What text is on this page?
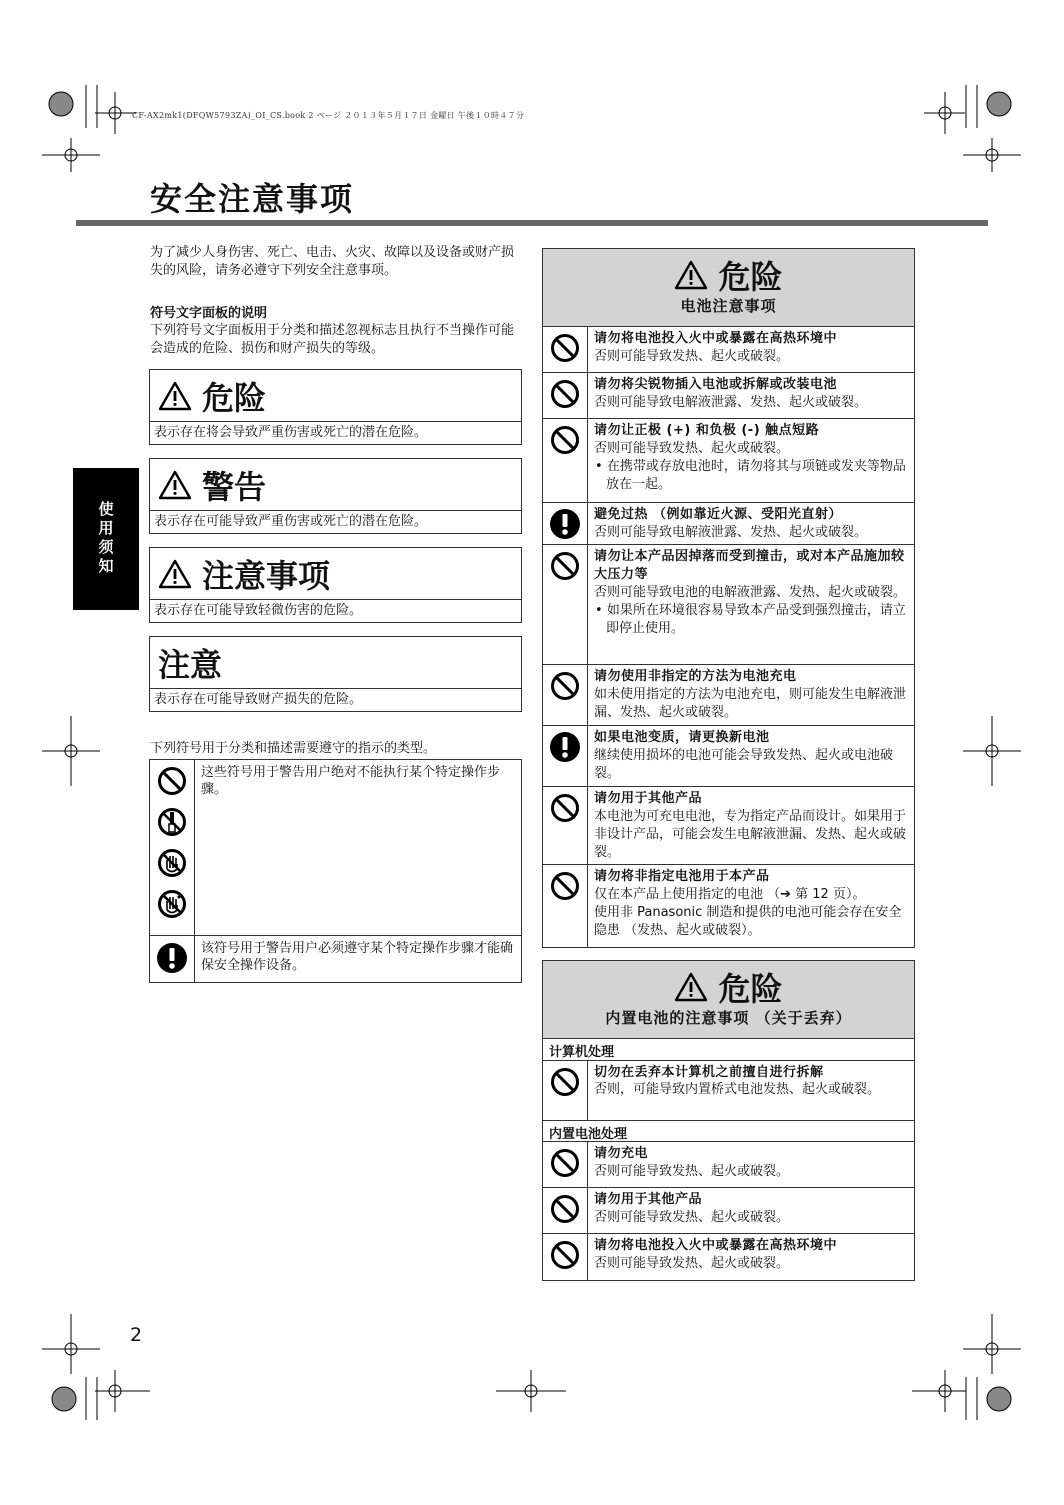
CF-AX2mk1(DFQW5793ZA)_OI_CS.book 2 ページ ２０１３年５月１７日 金曜日 午後１０時４７分
安全注意事项
使用须知

为了减少人身伤害、死亡、电击、火灾、故障以及设备或财产损失的风险，请务必遵守下列安全注意事项。

符号文字面板的说明

下列符号文字面板用于分类和描述忽视标志且执行不当操作可能会造成的危险、损伤和财产损失的等级。

危险
表示存在将会导致严重伤害或死亡的潜在危险。
警告
表示存在可能导致严重伤害或死亡的潜在危险。
注意事项
表示存在可能导致轻微伤害的危险。
注意
表示存在可能导致财产损失的危险。
下列符号用于分类和描述需要遵守的指示的类型。
这些符号用于警告用户绝对不能执行某个特定操作步骤。
该符号用于警告用户必须遵守某个特定操作步骤才能确保安全操作设备。
危险
电池注意事项
请勿将电池投入火中或暴露在高热环境中
否则可能导致发热、起火或破裂。
请勿将尖锐物插入电池或拆解或改装电池
否则可能导致电解液泄露、发热、起火或破裂。
请勿让正极 (+) 和负极 (-) 触点短路
否则可能导致发热、起火或破裂。
• 在携带或存放电池时，请勿将其与项链或发夹等物品放在一起。
避免过热 （例如靠近火源、受阳光直射）
否则可能导致电解液泄露、发热、起火或破裂。
请勿让本产品因掉落而受到撞击，或对本产品施加较大压力等
否则可能导致电池的电解液泄露、发热、起火或破裂。
• 如果所在环境很容易导致本产品受到强烈撞击，请立即停止使用。
请勿使用非指定的方法为电池充电
如未使用指定的方法为电池充电，则可能发生电解液泄漏、发热、起火或破裂。
如果电池变质，请更换新电池
继续使用损坏的电池可能会导致发热、起火或电池破裂。
请勿用于其他产品
本电池为可充电电池，专为指定产品而设计。如果用于非设计产品，可能会发生电解液泄漏、发热、起火或破裂。
请勿将非指定电池用于本产品
仅在本产品上使用指定的电池 （➔ 第 12 页）。
使用非 Panasonic 制造和提供的电池可能会存在安全隐患 （发热、起火或破裂）。
危险
内置电池的注意事项 （关于丢弃）
计算机处理
切勿在丢弃本计算机之前擅自进行拆解
否则，可能导致内置桥式电池发热、起火或破裂。
内置电池处理
请勿充电
否则可能导致发热、起火或破裂。
请勿用于其他产品
否则可能导致发热、起火或破裂。
请勿将电池投入火中或暴露在高热环境中
否则可能导致发热、起火或破裂。
2
